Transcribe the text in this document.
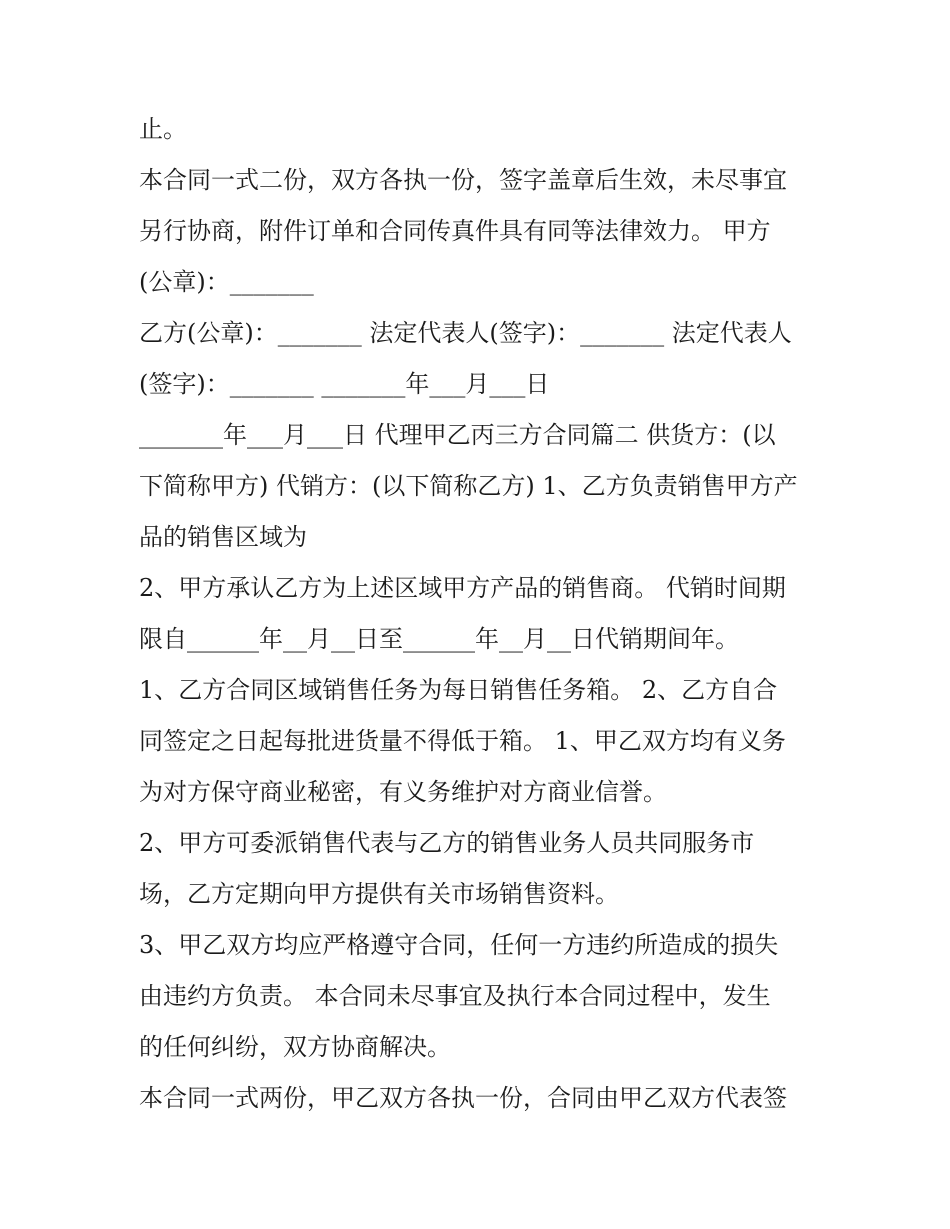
止。
本合同一式二份，双方各执一份，签字盖章后生效，未尽事宜
另行协商，附件订单和合同传真件具有同等法律效力。 甲方
(公章)：_______
乙方(公章)：_______ 法定代表人(签字)：_______ 法定代表人
(签字)：_______ _______年___月___日
_______年___月___日 代理甲乙丙三方合同篇二 供货方：(以
下简称甲方) 代销方：(以下简称乙方) 1、乙方负责销售甲方产
品的销售区域为
2、甲方承认乙方为上述区域甲方产品的销售商。 代销时间期
限自______年__月__日至______年__月__日代销期间年。
1、乙方合同区域销售任务为每日销售任务箱。 2、乙方自合
同签定之日起每批进货量不得低于箱。 1、甲乙双方均有义务
为对方保守商业秘密，有义务维护对方商业信誉。
2、甲方可委派销售代表与乙方的销售业务人员共同服务市
场，乙方定期向甲方提供有关市场销售资料。
3、甲乙双方均应严格遵守合同，任何一方违约所造成的损失
由违约方负责。 本合同未尽事宜及执行本合同过程中，发生
的任何纠纷，双方协商解决。
本合同一式两份，甲乙双方各执一份，合同由甲乙双方代表签
